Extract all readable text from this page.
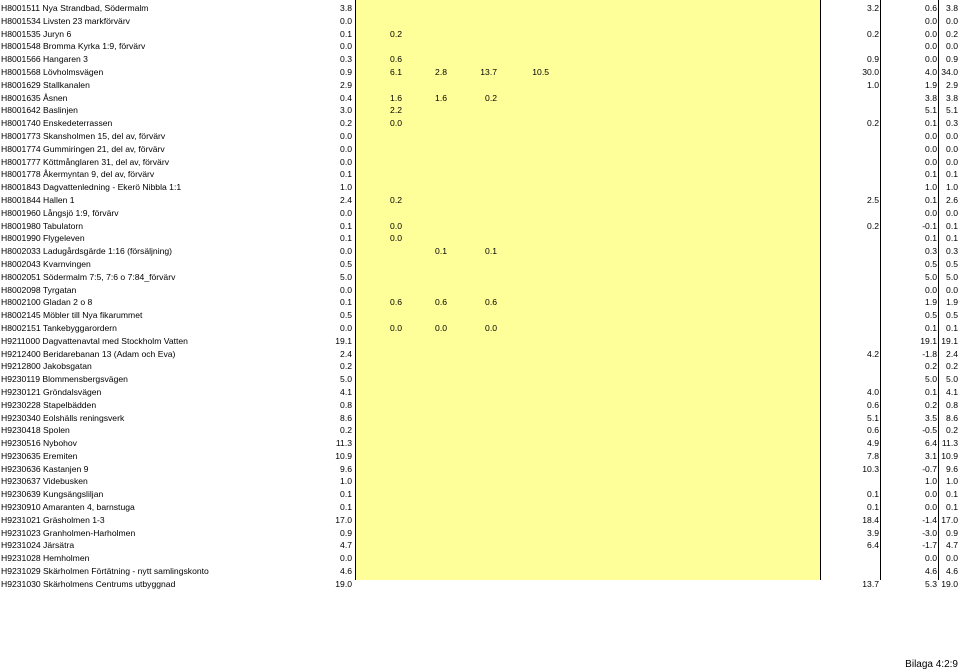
H8001511 Nya Strandbad, Södermalm	3.8						3.2	0.6	3.8
H8001534 Livsten 23 markförvärv	0.0							0.0	0.0
H8001535 Juryn 6	0.1	0.2					0.2	0.0	0.2
H8001548 Bromma Kyrka 1:9, förvärv	0.0							0.0	0.0
H8001566 Hangaren 3	0.3	0.6					0.9	0.0	0.9
H8001568 Lövholmsvägen	0.9	6.1	2.8	13.7	10.5		30.0	4.0	34.0
H8001629 Stallkanalen	2.9						1.0	1.9	2.9
H8001635 Åsnen	0.4	1.6	1.6	0.2				3.8	3.8
H8001642 Baslinjen	3.0	2.2						5.1	5.1
H8001740 Enskedeterrassen	0.2	0.0					0.2	0.1	0.3
H8001773 Skansholmen 15, del av, förvärv	0.0							0.0	0.0
H8001774 Gummiringen 21, del av, förvärv	0.0							0.0	0.0
H8001777 Köttmånglaren 31, del av, förvärv	0.0							0.0	0.0
H8001778 Åkermyntan 9, del av, förvärv	0.1							0.1	0.1
H8001843 Dagvattenledning - Ekerö Nibbla 1:1	1.0							1.0	1.0
H8001844 Hallen 1	2.4	0.2					2.5	0.1	2.6
H8001960 Långsjö 1:9, förvärv	0.0							0.0	0.0
H8001980 Tabulatorn	0.1	0.0					0.2	-0.1	0.1
H8001990 Flygeleven	0.1	0.0						0.1	0.1
H8002033 Ladugårdsgärde 1:16 (försäljning)	0.0		0.1	0.1				0.3	0.3
H8002043 Kvarnvingen	0.5							0.5	0.5
H8002051 Södermalm 7:5, 7:6 o 7:84_förvärv	5.0							5.0	5.0
H8002098 Tyrgatan	0.0							0.0	0.0
H8002100 Gladan 2 o 8	0.1	0.6	0.6	0.6				1.9	1.9
H8002145 Möbler till Nya fikarummet	0.5							0.5	0.5
H8002151 Tankebyggarordern	0.0	0.0	0.0	0.0				0.1	0.1
H9211000 Dagvattenavtal med Stockholm Vatten	19.1							19.1	19.1
H9212400 Beridarebanan 13 (Adam och Eva)	2.4						4.2	-1.8	2.4
H9212800 Jakobsgatan	0.2							0.2	0.2
H9230119 Blommensbergsvägen	5.0							5.0	5.0
H9230121 Gröndalsvägen	4.1						4.0	0.1	4.1
H9230228 Stapelbädden	0.8						0.6	0.2	0.8
H9230340 Eolshälls reningsverk	8.6						5.1	3.5	8.6
H9230418 Spolen	0.2						0.6	-0.5	0.2
H9230516 Nybohov	11.3						4.9	6.4	11.3
H9230635 Eremiten	10.9						7.8	3.1	10.9
H9230636 Kastanjen 9	9.6						10.3	-0.7	9.6
H9230637 Videbusken	1.0							1.0	1.0
H9230639 Kungsängsliljan	0.1						0.1	0.0	0.1
H9230910 Amaranten 4, barnstuga	0.1						0.1	0.0	0.1
H9231021 Gräsholmen 1-3	17.0						18.4	-1.4	17.0
H9231023 Granholmen-Harholmen	0.9						3.9	-3.0	0.9
H9231024 Järsätra	4.7						6.4	-1.7	4.7
H9231028 Hemholmen	0.0							0.0	0.0
H9231029 Skärholmen Förtätning - nytt samlingskonto	4.6							4.6	4.6
H9231030 Skärholmens Centrums utbyggnad	19.0						13.7	5.3	19.0
Bilaga 4:2:9
